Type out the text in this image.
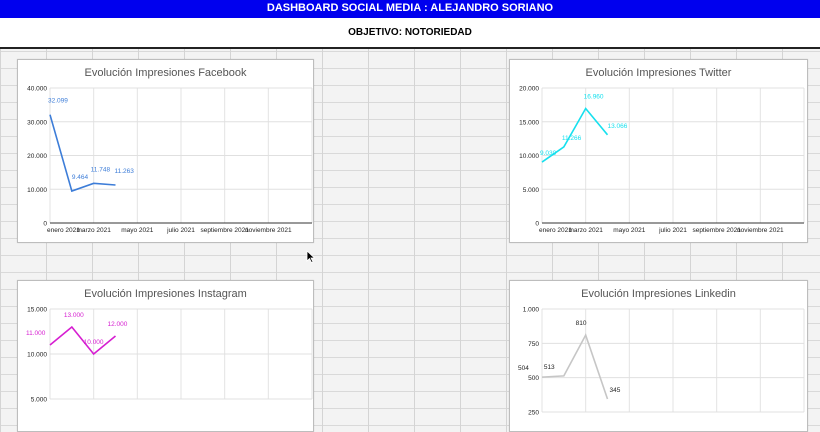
DASHBOARD SOCIAL MEDIA : ALEJANDRO SORIANO
OBJETIVO: NOTORIEDAD
Evolución Impresiones Facebook
0
10.000
20.000
30.000
40.000
enero 2021
marzo 2021 mayo 2021 julio 2021 septiembre 2021
noviembre 2021
32.099
9.464
11.748 11.263
Evolución Impresiones Twitter
0
5.000
10.000
15.000
20.000
enero 2021
marzo 2021 mayo 2021 julio 2021 septiembre 2021
noviembre 2021
9.030
11.266
16.960
13.066
Evolución Impresiones Instagram
5.000
10.000
15.000
11.000
13.000
10.000
12.000
Evolución Impresiones Linkedin
250
500
750
1.000
504 513
810
345
